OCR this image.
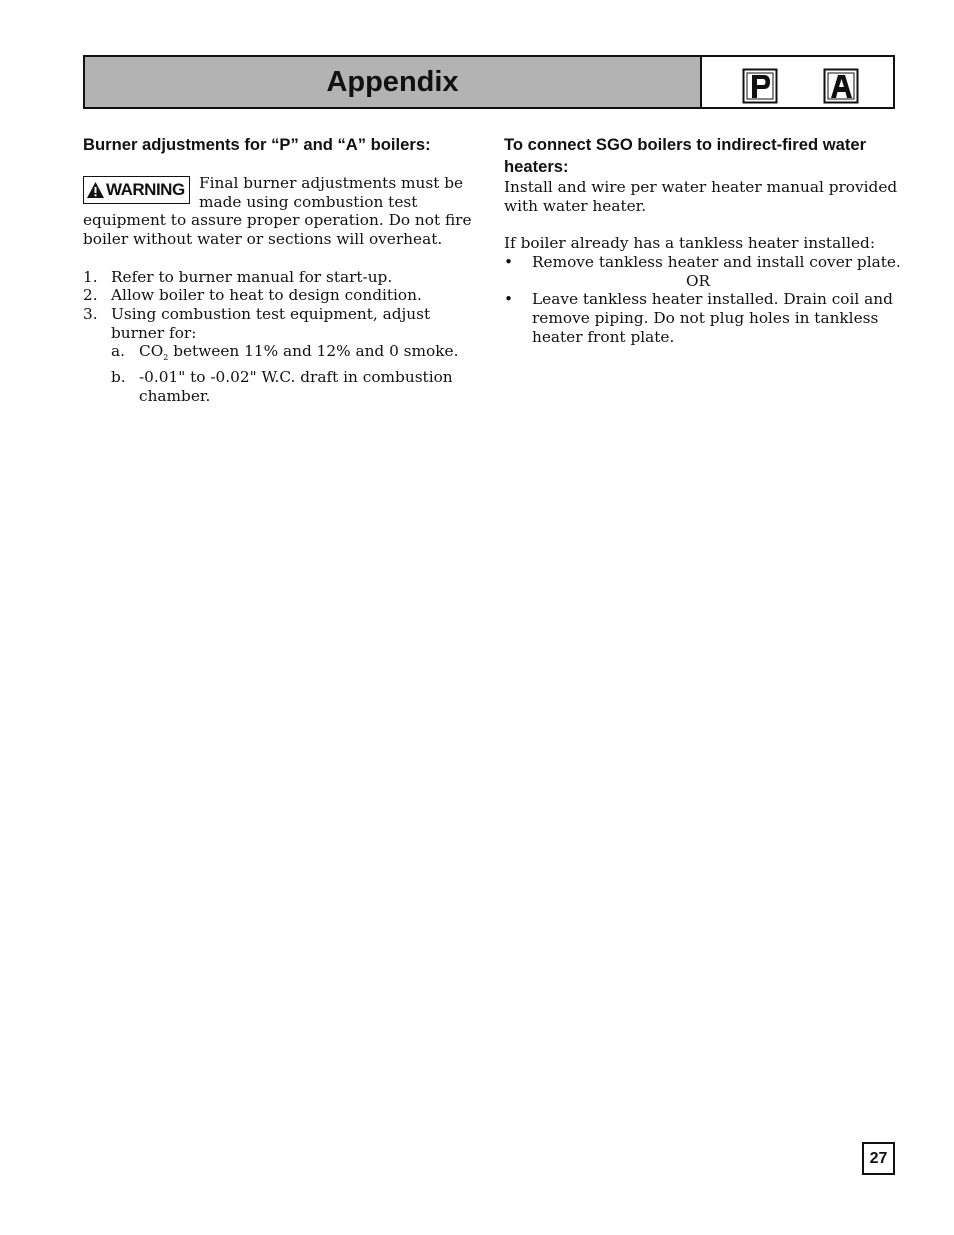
Appendix
Burner adjustments for “P” and “A” boilers:
WARNING Final burner adjustments must be made using combustion test equipment to assure proper operation. Do not fire boiler without water or sections will overheat.

1. Refer to burner manual for start-up.
2. Allow boiler to heat to design condition.
3. Using combustion test equipment, adjust burner for:
a. $CO_2$ between 11% and 12% and 0 smoke.
b. -0.01" to -0.02" W.C. draft in combustion chamber.
To connect SGO boilers to indirect-fired water heaters:

Install and wire per water heater manual provided with water heater.

If boiler already has a tankless heater installed:

• Remove tankless heater and install cover plate.
OR
• Leave tankless heater installed. Drain coil and remove piping. Do not plug holes in tankless heater front plate.
27
